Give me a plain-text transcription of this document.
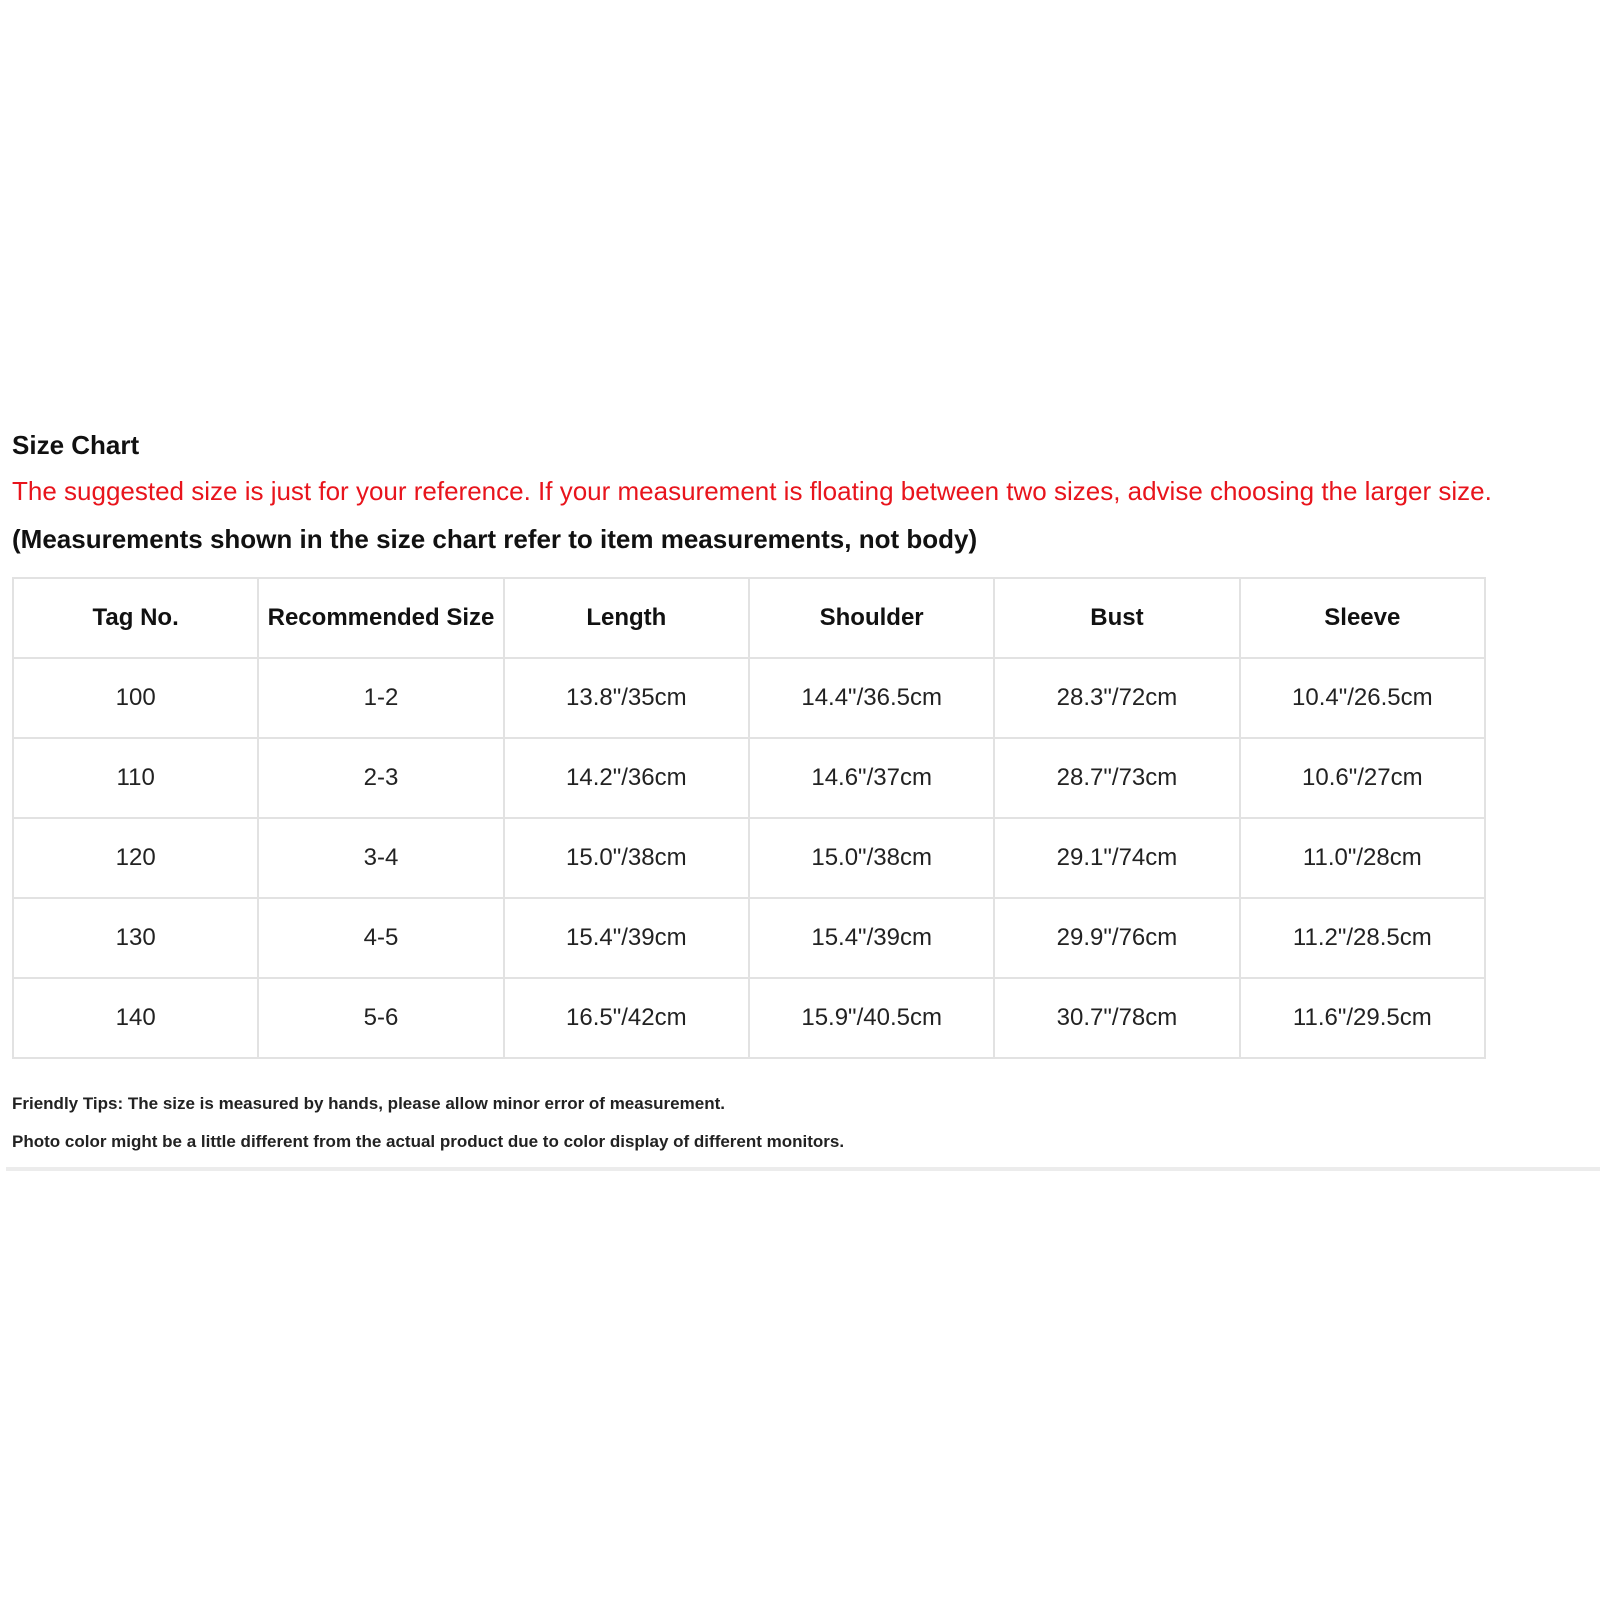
Size Chart
The suggested size is just for your reference. If your measurement is floating between two sizes, advise choosing the larger size.
(Measurements shown in the size chart refer to item measurements, not body)
Tag No.	Recommended Size	Length	Shoulder	Bust	Sleeve
100	1-2	13.8"/35cm	14.4"/36.5cm	28.3"/72cm	10.4"/26.5cm
110	2-3	14.2"/36cm	14.6"/37cm	28.7"/73cm	10.6"/27cm
120	3-4	15.0"/38cm	15.0"/38cm	29.1"/74cm	11.0"/28cm
130	4-5	15.4"/39cm	15.4"/39cm	29.9"/76cm	11.2"/28.5cm
140	5-6	16.5"/42cm	15.9"/40.5cm	30.7"/78cm	11.6"/29.5cm
Friendly Tips: The size is measured by hands, please allow minor error of measurement.
Photo color might be a little different from the actual product due to color display of different monitors.
